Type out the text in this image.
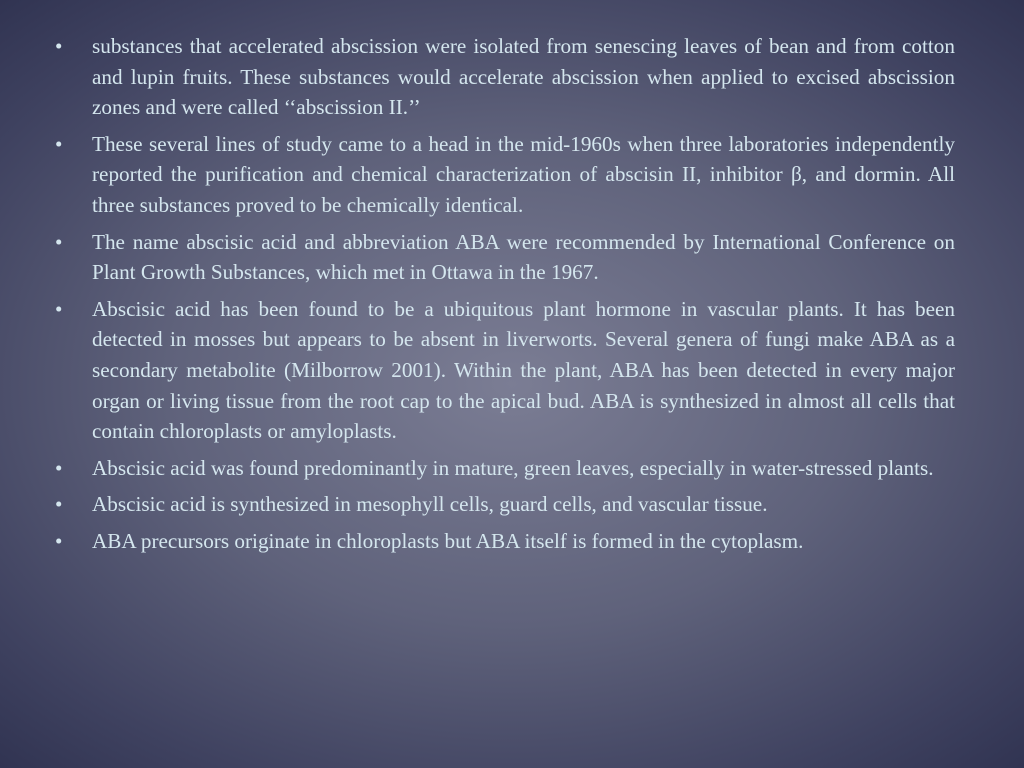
•	substances that accelerated abscission were isolated from senescing leaves of bean and from cotton and lupin fruits. These substances would accelerate abscission when applied to excised abscission zones and were called ‘‘abscission II.’’
•	These several lines of study came to a head in the mid-1960s when three laboratories independently reported the purification and chemical characterization of abscisin II, inhibitor β, and dormin. All three substances proved to be chemically identical.
•	The name abscisic acid and abbreviation ABA were recommended by International Conference on Plant Growth Substances, which met in Ottawa in the 1967.
•	Abscisic acid has been found to be a ubiquitous plant hormone in vascular plants. It has been detected in mosses but appears to be absent in liverworts. Several genera of fungi make ABA as a secondary metabolite (Milborrow 2001). Within the plant, ABA has been detected in every major organ or living tissue from the root cap to the apical bud. ABA is synthesized in almost all cells that contain chloroplasts or amyloplasts.
•	Abscisic acid was found predominantly in mature, green leaves, especially in water-stressed plants.
•	Abscisic acid is synthesized in mesophyll cells, guard cells, and vascular tissue.
•	ABA precursors originate in chloroplasts but ABA itself is formed in the cytoplasm.
